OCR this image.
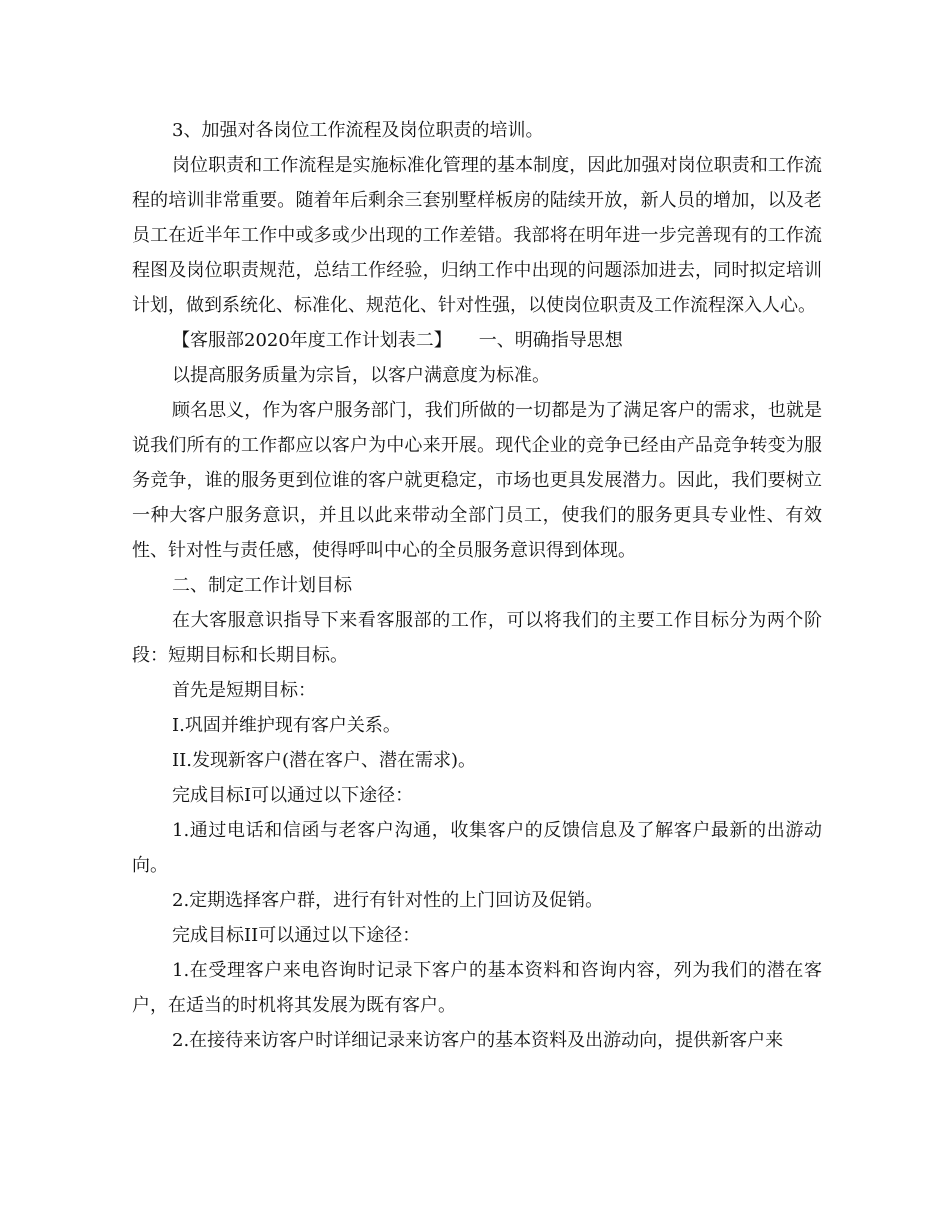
3、加强对各岗位工作流程及岗位职责的培训。

岗位职责和工作流程是实施标准化管理的基本制度，因此加强对岗位职责和工作流程的培训非常重要。随着年后剩余三套别墅样板房的陆续开放，新人员的增加，以及老员工在近半年工作中或多或少出现的工作差错。我部将在明年进一步完善现有的工作流程图及岗位职责规范，总结工作经验，归纳工作中出现的问题添加进去，同时拟定培训计划，做到系统化、标准化、规范化、针对性强，以使岗位职责及工作流程深入人心。

【客服部2020年度工作计划表二】　　一、明确指导思想

以提高服务质量为宗旨，以客户满意度为标准。

顾名思义，作为客户服务部门，我们所做的一切都是为了满足客户的需求，也就是说我们所有的工作都应以客户为中心来开展。现代企业的竞争已经由产品竞争转变为服务竞争，谁的服务更到位谁的客户就更稳定，市场也更具发展潜力。因此，我们要树立一种大客户服务意识，并且以此来带动全部门员工，使我们的服务更具专业性、有效性、针对性与责任感，使得呼叫中心的全员服务意识得到体现。

二、制定工作计划目标

在大客服意识指导下来看客服部的工作，可以将我们的主要工作目标分为两个阶段：短期目标和长期目标。

首先是短期目标：

I.巩固并维护现有客户关系。

II.发现新客户(潜在客户、潜在需求)。

完成目标I可以通过以下途径：

1.通过电话和信函与老客户沟通，收集客户的反馈信息及了解客户最新的出游动向。

2.定期选择客户群，进行有针对性的上门回访及促销。

完成目标II可以通过以下途径：

1.在受理客户来电咨询时记录下客户的基本资料和咨询内容，列为我们的潜在客户，在适当的时机将其发展为既有客户。

2.在接待来访客户时详细记录来访客户的基本资料及出游动向，提供新客户来
